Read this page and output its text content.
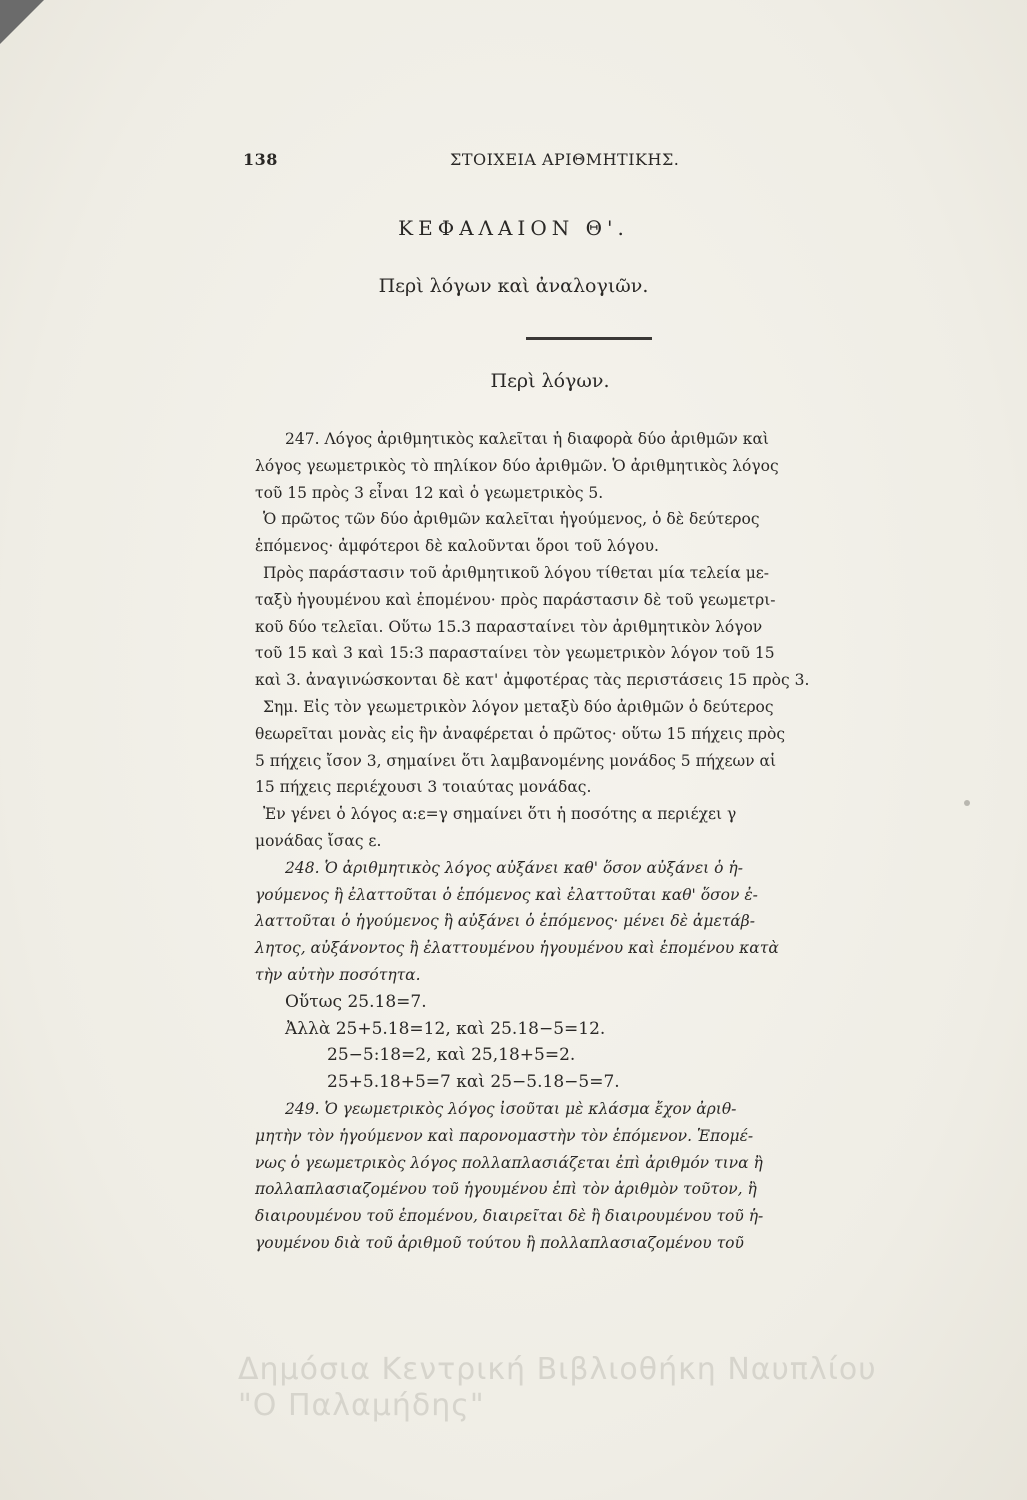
138	ΣΤΟΙΧΕΙΑ ΑΡΙΘΜΗΤΙΚΗΣ.
ΚΕΦΑΛΑΙΟΝ Θ'.
Περὶ λόγων καὶ ἀναλογιῶν.
Περὶ λόγων.
247. Λόγος ἀριθμητικὸς καλεῖται ἡ διαφορὰ δύο ἀριθμῶν καὶ
λόγος γεωμετρικὸς τὸ πηλίκον δύο ἀριθμῶν. Ὁ ἀριθμητικὸς λόγος
τοῦ 15 πρὸς 3 εἶναι 12 καὶ ὁ γεωμετρικὸς 5.
Ὁ πρῶτος τῶν δύο ἀριθμῶν καλεῖται ἡγούμενος, ὁ δὲ δεύτερος
ἑπόμενος· ἀμφότεροι δὲ καλοῦνται ὅροι τοῦ λόγου.
Πρὸς παράστασιν τοῦ ἀριθμητικοῦ λόγου τίθεται μία τελεία με-
ταξὺ ἡγουμένου καὶ ἑπομένου· πρὸς παράστασιν δὲ τοῦ γεωμετρι-
κοῦ δύο τελεῖαι. Οὕτω 15.3 παρασταίνει τὸν ἀριθμητικὸν λόγον
τοῦ 15 καὶ 3 καὶ 15:3 παρασταίνει τὸν γεωμετρικὸν λόγον τοῦ 15
καὶ 3. ἀναγινώσκονται δὲ κατ' ἀμφοτέρας τὰς περιστάσεις 15 πρὸς 3.
Σημ. Εἰς τὸν γεωμετρικὸν λόγον μεταξὺ δύο ἀριθμῶν ὁ δεύτερος
θεωρεῖται μονὰς εἰς ἣν ἀναφέρεται ὁ πρῶτος· οὕτω 15 πήχεις πρὸς
5 πήχεις ἴσον 3, σημαίνει ὅτι λαμβανομένης μονάδος 5 πήχεων αἱ
15 πήχεις περιέχουσι 3 τοιαύτας μονάδας.
Ἐν γένει ὁ λόγος α:ε=γ σημαίνει ὅτι ἡ ποσότης α περιέχει γ
μονάδας ἴσας ε.
248. Ὁ ἀριθμητικὸς λόγος αὐξάνει καθ' ὅσον αὐξάνει ὁ ἡ-
γούμενος ἢ ἐλαττοῦται ὁ ἑπόμενος καὶ ἐλαττοῦται καθ' ὅσον ἐ-
λαττοῦται ὁ ἡγούμενος ἢ αὐξάνει ὁ ἑπόμενος· μένει δὲ ἀμετάβ-
λητος, αὐξάνοντος ἢ ἐλαττουμένου ἡγουμένου καὶ ἑπομένου κατὰ
τὴν αὐτὴν ποσότητα.
Οὕτως 25.18=7.
Ἀλλὰ 25+5.18=12, καὶ 25.18−5=12.
25−5:18=2, καὶ 25,18+5=2.
25+5.18+5=7 καὶ 25−5.18−5=7.
249. Ὁ γεωμετρικὸς λόγος ἰσοῦται μὲ κλάσμα ἔχον ἀριθ-
μητὴν τὸν ἡγούμενον καὶ παρονομαστὴν τὸν ἑπόμενον. Ἑπομέ-
νως ὁ γεωμετρικὸς λόγος πολλαπλασιάζεται ἐπὶ ἀριθμόν τινα ἢ
πολλαπλασιαζομένου τοῦ ἡγουμένου ἐπὶ τὸν ἀριθμὸν τοῦτον, ἢ
διαιρουμένου τοῦ ἑπομένου, διαιρεῖται δὲ ἢ διαιρουμένου τοῦ ἡ-
γουμένου διὰ τοῦ ἀριθμοῦ τούτου ἢ πολλαπλασιαζομένου τοῦ
Δημόσια Κεντρική Βιβλιοθήκη Ναυπλίου
"Ο Παλαμήδης"
